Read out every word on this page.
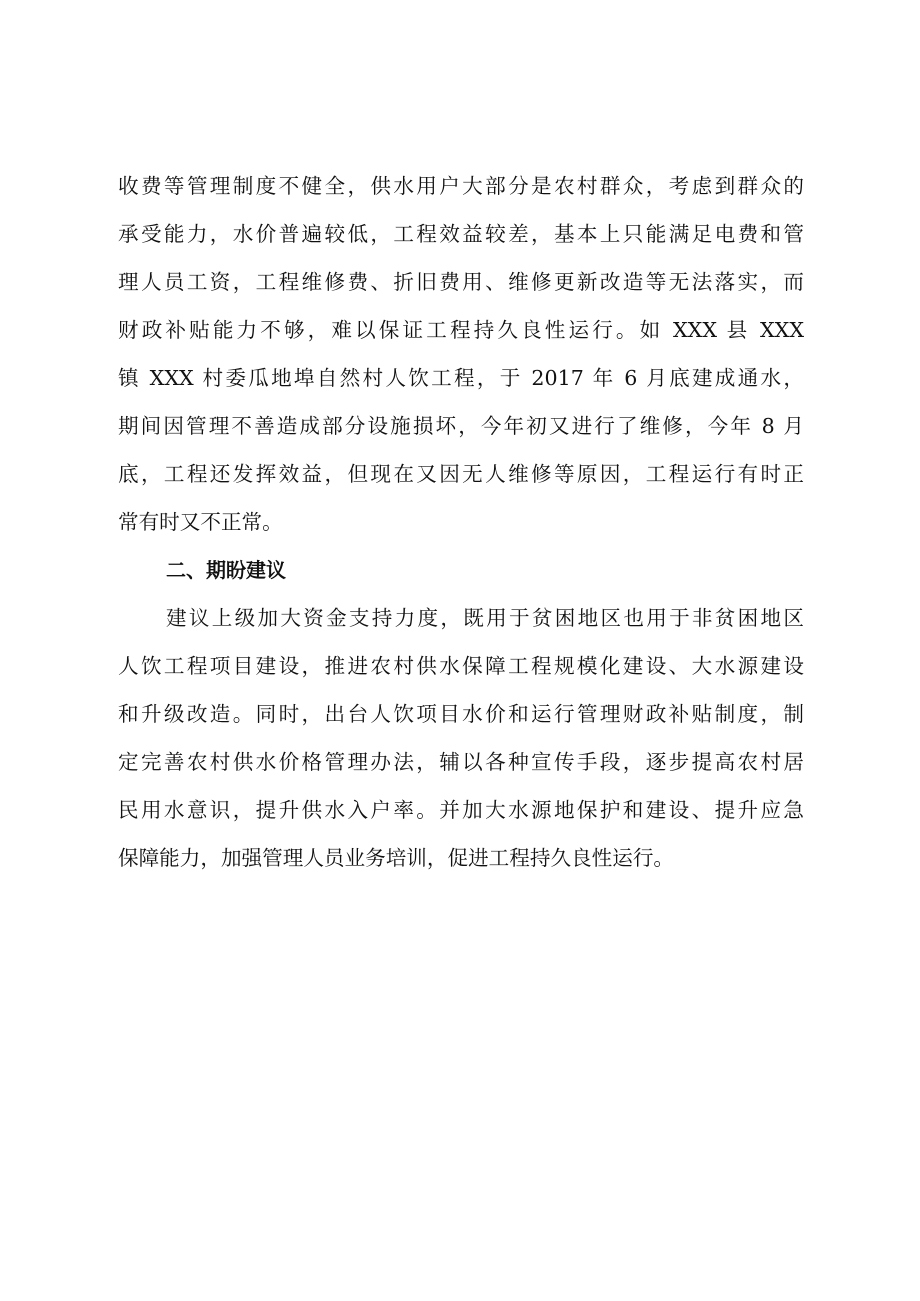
收费等管理制度不健全，供水用户大部分是农村群众，考虑到群众的
承受能力，水价普遍较低，工程效益较差，基本上只能满足电费和管
理人员工资，工程维修费、折旧费用、维修更新改造等无法落实，而
财政补贴能力不够，难以保证工程持久良性运行。如 XXX 县 XXX
镇 XXX 村委瓜地埠自然村人饮工程，于 2017 年 6 月底建成通水，
期间因管理不善造成部分设施损坏，今年初又进行了维修，今年 8 月
底，工程还发挥效益，但现在又因无人维修等原因，工程运行有时正
常有时又不正常。
二、期盼建议
建议上级加大资金支持力度，既用于贫困地区也用于非贫困地区
人饮工程项目建设，推进农村供水保障工程规模化建设、大水源建设
和升级改造。同时，出台人饮项目水价和运行管理财政补贴制度，制
定完善农村供水价格管理办法，辅以各种宣传手段，逐步提高农村居
民用水意识，提升供水入户率。并加大水源地保护和建设、提升应急
保障能力，加强管理人员业务培训，促进工程持久良性运行。
